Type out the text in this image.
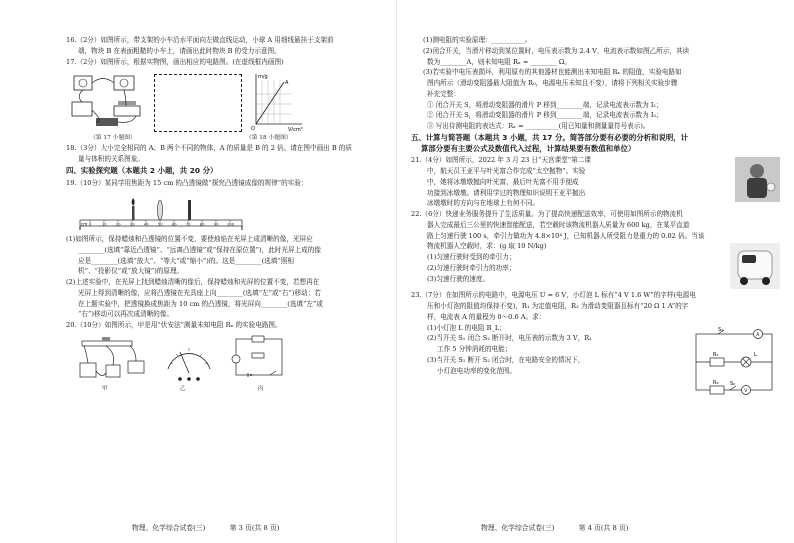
16.（2分）如图所示，带支架的小车沿水平面向左做直线运动，小球 A 用细线悬挂于支架前

端，物块 B 在表面粗糙的小车上，请画出此时物块 B 的受力示意图。

17.（2分）如图所示，根据实物图，画出相应的电路图。(在虚线框内画图)

m/g
V/cm³
A
O
（第 17 小题图）	（第 18 小题图）

18.（3分）大小完全相同的 A、B 两个不同的物体，A 的质量是 B 的 2 倍。请在图中画出 B 的质

量与体积的关系图象。

四、实验探究题（本题共 2 小题，共 20 分）

19.（10分）某同学用焦距为 15 cm 的凸透镜做“探究凸透镜成像的规律”的实验：

cm 0	10	20	30	40	50	60	70	80	90 100

(1)如图所示，保持蜡烛和凸透镜的位置不变，要使烛焰在光屏上成清晰的像，光屏应

________(选填“靠近凸透镜”、“远离凸透镜”或“保持在原位置”)，此时光屏上成的像

应是________(选填“放大”、“等大”或“缩小”)的。这是________(选填“照相

机”、“投影仪”或“放大镜”)的原理。

(2)上述实验中，在光屏上找到蜡烛清晰的像后，保持蜡烛和光屏的位置不变，若想再在

光屏上得到清晰的像，应将凸透镜在光具座上向________(选填“左”或“右”)移动；若

在上题实验中，把透镜换成焦距为 10 cm 的凸透镜，将光屏向________(选填“左”或

“右”)移动可以再次成清晰的像。

20.（10分）如图所示，甲是用“伏安法”测量未知电阻 Rₓ 的实验电路图。

甲	乙	丙
物理、化学综合试卷(三)	第 3 页(共 8 页)

(1)测电阻的实验原理：__________。

(2)闭合开关，当滑片移动到某位置时，电压表示数为 2.4 V，电流表示数如图乙所示，其读

数为________A，则未知电阻 Rₓ = ________ Ω。

(3)若实验中电压表损坏，利用原有的其他器材也能测出未知电阻 Rₓ 的阻值，实验电路如

图内所示（滑动变阻器最大阻值为 R₀，电源电压未知且不变），请将下列相关实验步骤

补充完整：

① 闭合开关 S，将滑动变阻器的滑片 P 移到________端，记录电流表示数为 I₁；

② 闭合开关 S，将滑动变阻器的滑片 P 移到________端，记录电流表示数为 I₂；

③ 写出待测电阻的表达式：Rₓ = __________(用已知量和测量量符号表示)。

五、计算与简答题（本题共 3 小题，共 17 分。简答部分要有必要的分析和说明，计

算部分要有主要公式及数值代入过程，计算结果要有数值和单位）

21.（4分）如图所示，2022 年 3 月 23 日“天宫课堂”第二课

中，航天员王亚平与叶光富合作完成“太空抛物”。实验

中，她将冰墩墩抛向叶光富，最后叶光富不用手便成

功接到冰墩墩。请利用学过的物理知识说明王亚平抛出

冰墩墩时的方向与在地球上有何不同。

22.（6分）快递业务服务提升了生活质量。为了提高快递配送效率，可使用如图所示的物流机

器人完成最后三公里的快速智能配送，若空载时该物流机器人质量为 600 kg，在某平直道

路上匀速行驶 100 s，牵引力做功为 4.8×10⁴ J，已知机器人所受阻力是重力的 0.02 倍。当该

物流机器人空载时，求：(g 取 10 N/kg)

(1)匀速行驶时受到的牵引力；

(2)匀速行驶时牵引力的功率；

(3)匀速行驶的速度。

23.（7分）在如图所示的电路中，电源电压 U = 6 V，小灯泡 L 标有“4 V 1.6 W”的字样(电源电

压和小灯泡的阻值均保持不变)，R₁ 为定值电阻，R₂ 为滑动变阻器且标有“20 Ω 1 A”的字

样，电流表 A 的量程为 0～0.6 A。求：

S₁
S₂
R₁
R₂
L
A
V

(1)小灯泡 L 的电阻 R_L；

(2)当开关 S₁ 闭合 S₂ 断开时，电压表的示数为 3 V，R₁

工作 5 分钟消耗的电能；

(3)当开关 S₁ 断开 S₂ 闭合时，在电路安全的情况下，

小灯泡电功率的变化范围。

物理、化学综合试卷(三)	第 4 页(共 8 页)
